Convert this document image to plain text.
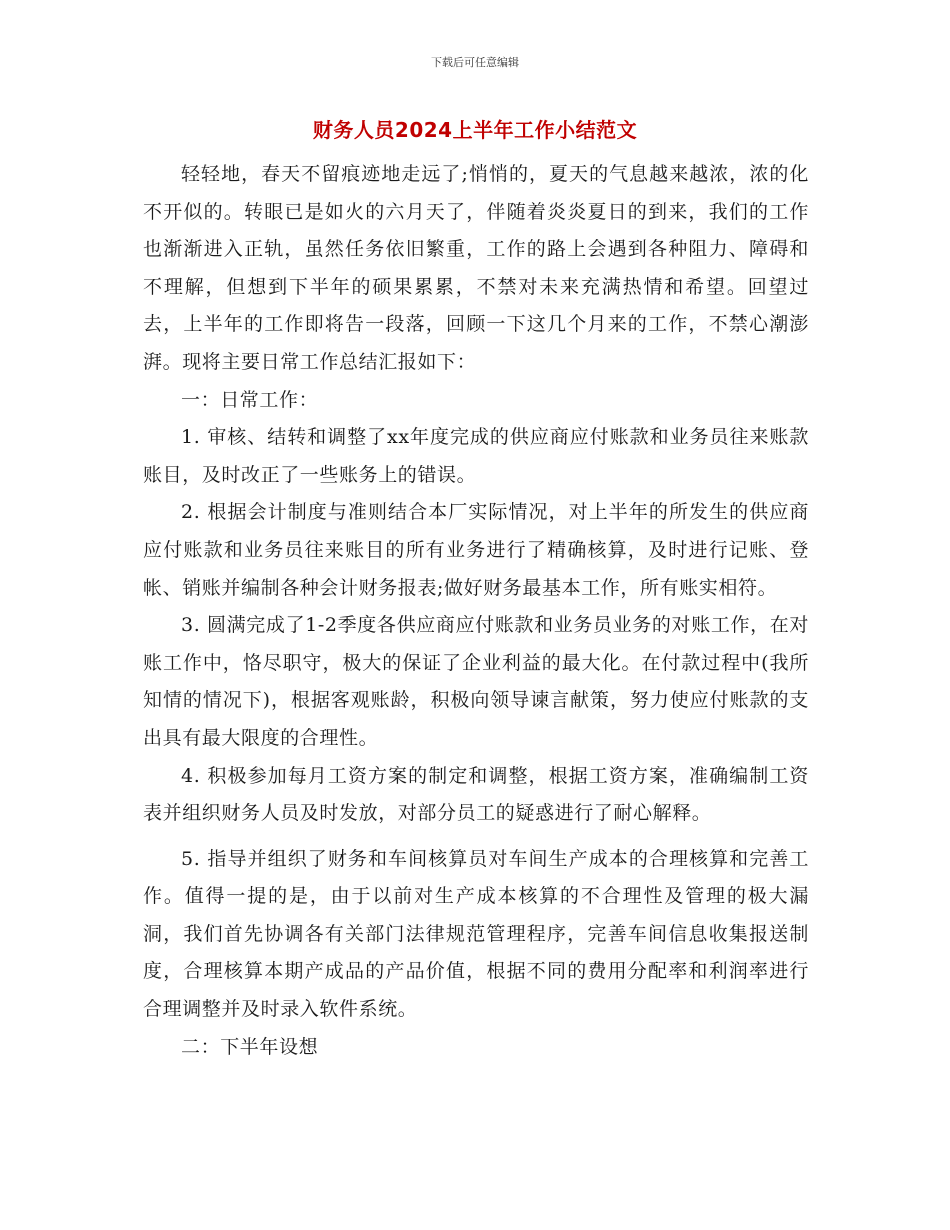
下载后可任意编辑
财务人员2024上半年工作小结范文

轻轻地，春天不留痕迹地走远了;悄悄的，夏天的气息越来越浓，浓的化不开似的。转眼已是如火的六月天了，伴随着炎炎夏日的到来，我们的工作也渐渐进入正轨，虽然任务依旧繁重，工作的路上会遇到各种阻力、障碍和不理解，但想到下半年的硕果累累，不禁对未来充满热情和希望。回望过去，上半年的工作即将告一段落，回顾一下这几个月来的工作，不禁心潮澎湃。现将主要日常工作总结汇报如下：

一：日常工作：

1. 审核、结转和调整了xx年度完成的供应商应付账款和业务员往来账款账目，及时改正了一些账务上的错误。

2. 根据会计制度与准则结合本厂实际情况，对上半年的所发生的供应商应付账款和业务员往来账目的所有业务进行了精确核算，及时进行记账、登帐、销账并编制各种会计财务报表;做好财务最基本工作，所有账实相符。

3. 圆满完成了1-2季度各供应商应付账款和业务员业务的对账工作，在对账工作中，恪尽职守，极大的保证了企业利益的最大化。在付款过程中(我所知情的情况下)，根据客观账龄，积极向领导谏言献策，努力使应付账款的支出具有最大限度的合理性。

4. 积极参加每月工资方案的制定和调整，根据工资方案，准确编制工资表并组织财务人员及时发放，对部分员工的疑惑进行了耐心解释。

5. 指导并组织了财务和车间核算员对车间生产成本的合理核算和完善工作。值得一提的是，由于以前对生产成本核算的不合理性及管理的极大漏洞，我们首先协调各有关部门法律规范管理程序，完善车间信息收集报送制度，合理核算本期产成品的产品价值，根据不同的费用分配率和利润率进行合理调整并及时录入软件系统。

二：下半年设想
